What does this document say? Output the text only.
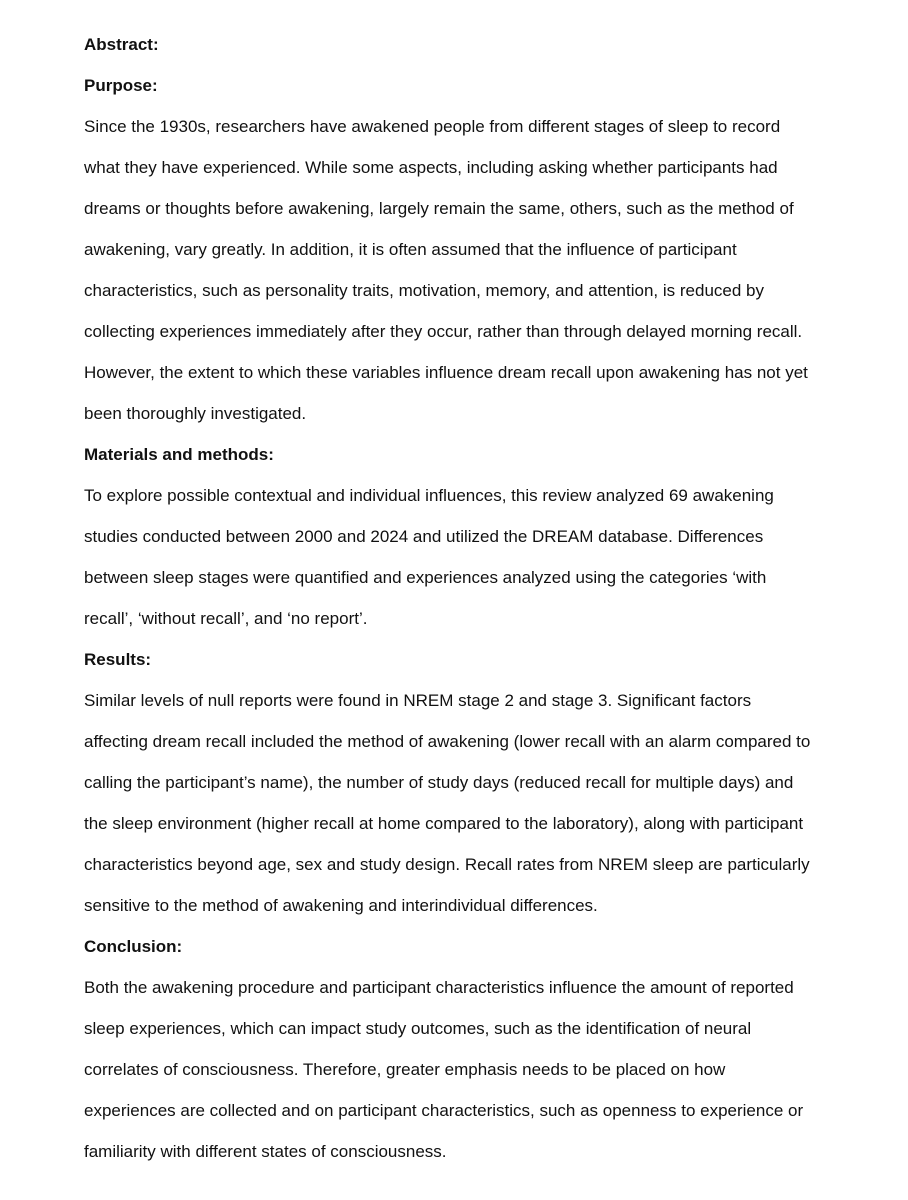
Abstract:

Purpose:

Since the 1930s, researchers have awakened people from different stages of sleep to record

what they have experienced. While some aspects, including asking whether participants had

dreams or thoughts before awakening, largely remain the same, others, such as the method of

awakening, vary greatly. In addition, it is often assumed that the influence of participant

characteristics, such as personality traits, motivation, memory, and attention, is reduced by

collecting experiences immediately after they occur, rather than through delayed morning recall.

However, the extent to which these variables influence dream recall upon awakening has not yet

been thoroughly investigated.

Materials and methods:

To explore possible contextual and individual influences, this review analyzed 69 awakening

studies conducted between 2000 and 2024 and utilized the DREAM database. Differences

between sleep stages were quantified and experiences analyzed using the categories ‘with

recall’, ‘without recall’, and ‘no report’.

Results:

Similar levels of null reports were found in NREM stage 2 and stage 3. Significant factors

affecting dream recall included the method of awakening (lower recall with an alarm compared to

calling the participant’s name), the number of study days (reduced recall for multiple days) and

the sleep environment (higher recall at home compared to the laboratory), along with participant

characteristics beyond age, sex and study design. Recall rates from NREM sleep are particularly

sensitive to the method of awakening and interindividual differences.

Conclusion:

Both the awakening procedure and participant characteristics influence the amount of reported

sleep experiences, which can impact study outcomes, such as the identification of neural

correlates of consciousness. Therefore, greater emphasis needs to be placed on how

experiences are collected and on participant characteristics, such as openness to experience or

familiarity with different states of consciousness.
